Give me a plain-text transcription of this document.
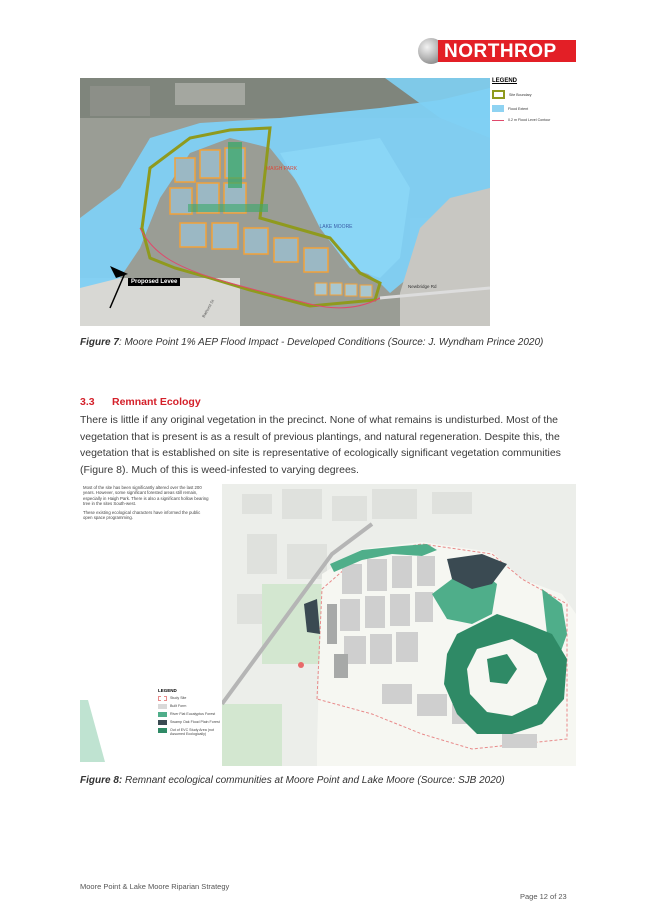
NORTHROP
MAIGH PARK
LAKE MOORE
Proposed Levee
Newbridge Rd
Bathurst St
LEGEND
Site Boundary
Flood Extent
0.2 m Flood Level Contour
Figure 7: Moore Point 1% AEP Flood Impact - Developed Conditions (Source: J. Wyndham Prince 2020)
3.3 Remnant Ecology
There is little if any original vegetation in the precinct. None of what remains is undisturbed. Most of the vegetation that is present is as a result of previous plantings, and natural regeneration. Despite this, the vegetation that is established on site is representative of ecologically significant vegetation communities (Figure 8). Much of this is weed-infested to varying degrees.
Most of the site has been significantly altered over the last 200 years. However, some significant forested areas still remain, especially in Haigh Park. There is also a significant hollow bearing tree in the sites South-west.
These existing ecological characters have informed the public open space programming.
LEGEND
Study Site
Built Form
River Flat Eucalyptus Forest
Swamp Oak Flood Plain Forest
Out of EVC Study Area (not Assumed Ecologically)
Figure 8: Remnant ecological communities at Moore Point and Lake Moore (Source: SJB 2020)
Moore Point & Lake Moore Riparian Strategy
Page 12 of 23
